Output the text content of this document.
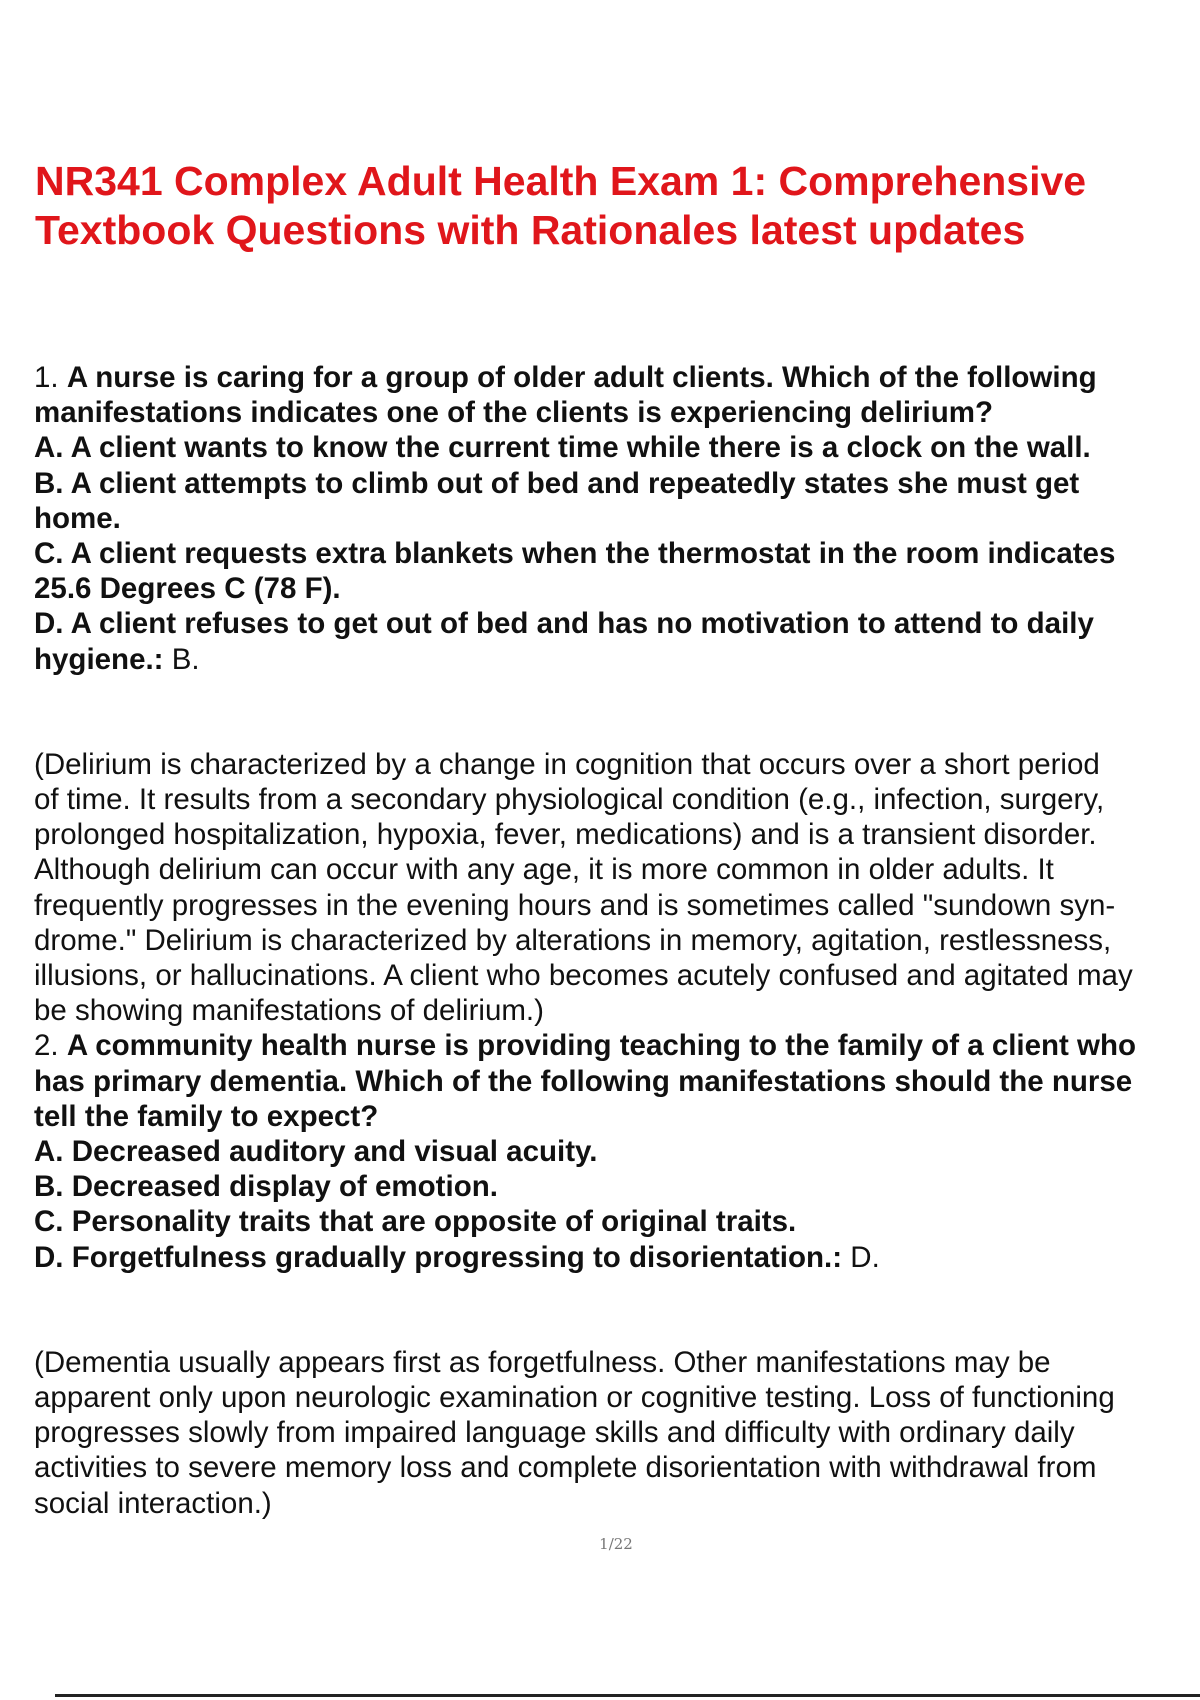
NR341 Complex Adult Health Exam 1: Comprehensive
Textbook Questions with Rationales latest updates
1. A nurse is caring for a group of older adult clients. Which of the following
manifestations indicates one of the clients is experiencing delirium?
A. A client wants to know the current time while there is a clock on the wall.
B. A client attempts to climb out of bed and repeatedly states she must get
home.
C. A client requests extra blankets when the thermostat in the room indicates
25.6 Degrees C (78 F).
D. A client refuses to get out of bed and has no motivation to attend to daily
hygiene.: B.
(Delirium is characterized by a change in cognition that occurs over a short period
of time. It results from a secondary physiological condition (e.g., infection, surgery,
prolonged hospitalization, hypoxia, fever, medications) and is a transient disorder.
Although delirium can occur with any age, it is more common in older adults. It
frequently progresses in the evening hours and is sometimes called "sundown syn-
drome." Delirium is characterized by alterations in memory, agitation, restlessness,
illusions, or hallucinations. A client who becomes acutely confused and agitated may
be showing manifestations of delirium.)
2. A community health nurse is providing teaching to the family of a client who
has primary dementia. Which of the following manifestations should the nurse
tell the family to expect?
A. Decreased auditory and visual acuity.
B. Decreased display of emotion.
C. Personality traits that are opposite of original traits.
D. Forgetfulness gradually progressing to disorientation.: D.
(Dementia usually appears first as forgetfulness. Other manifestations may be
apparent only upon neurologic examination or cognitive testing. Loss of functioning
progresses slowly from impaired language skills and difficulty with ordinary daily
activities to severe memory loss and complete disorientation with withdrawal from
social interaction.)
1/22
